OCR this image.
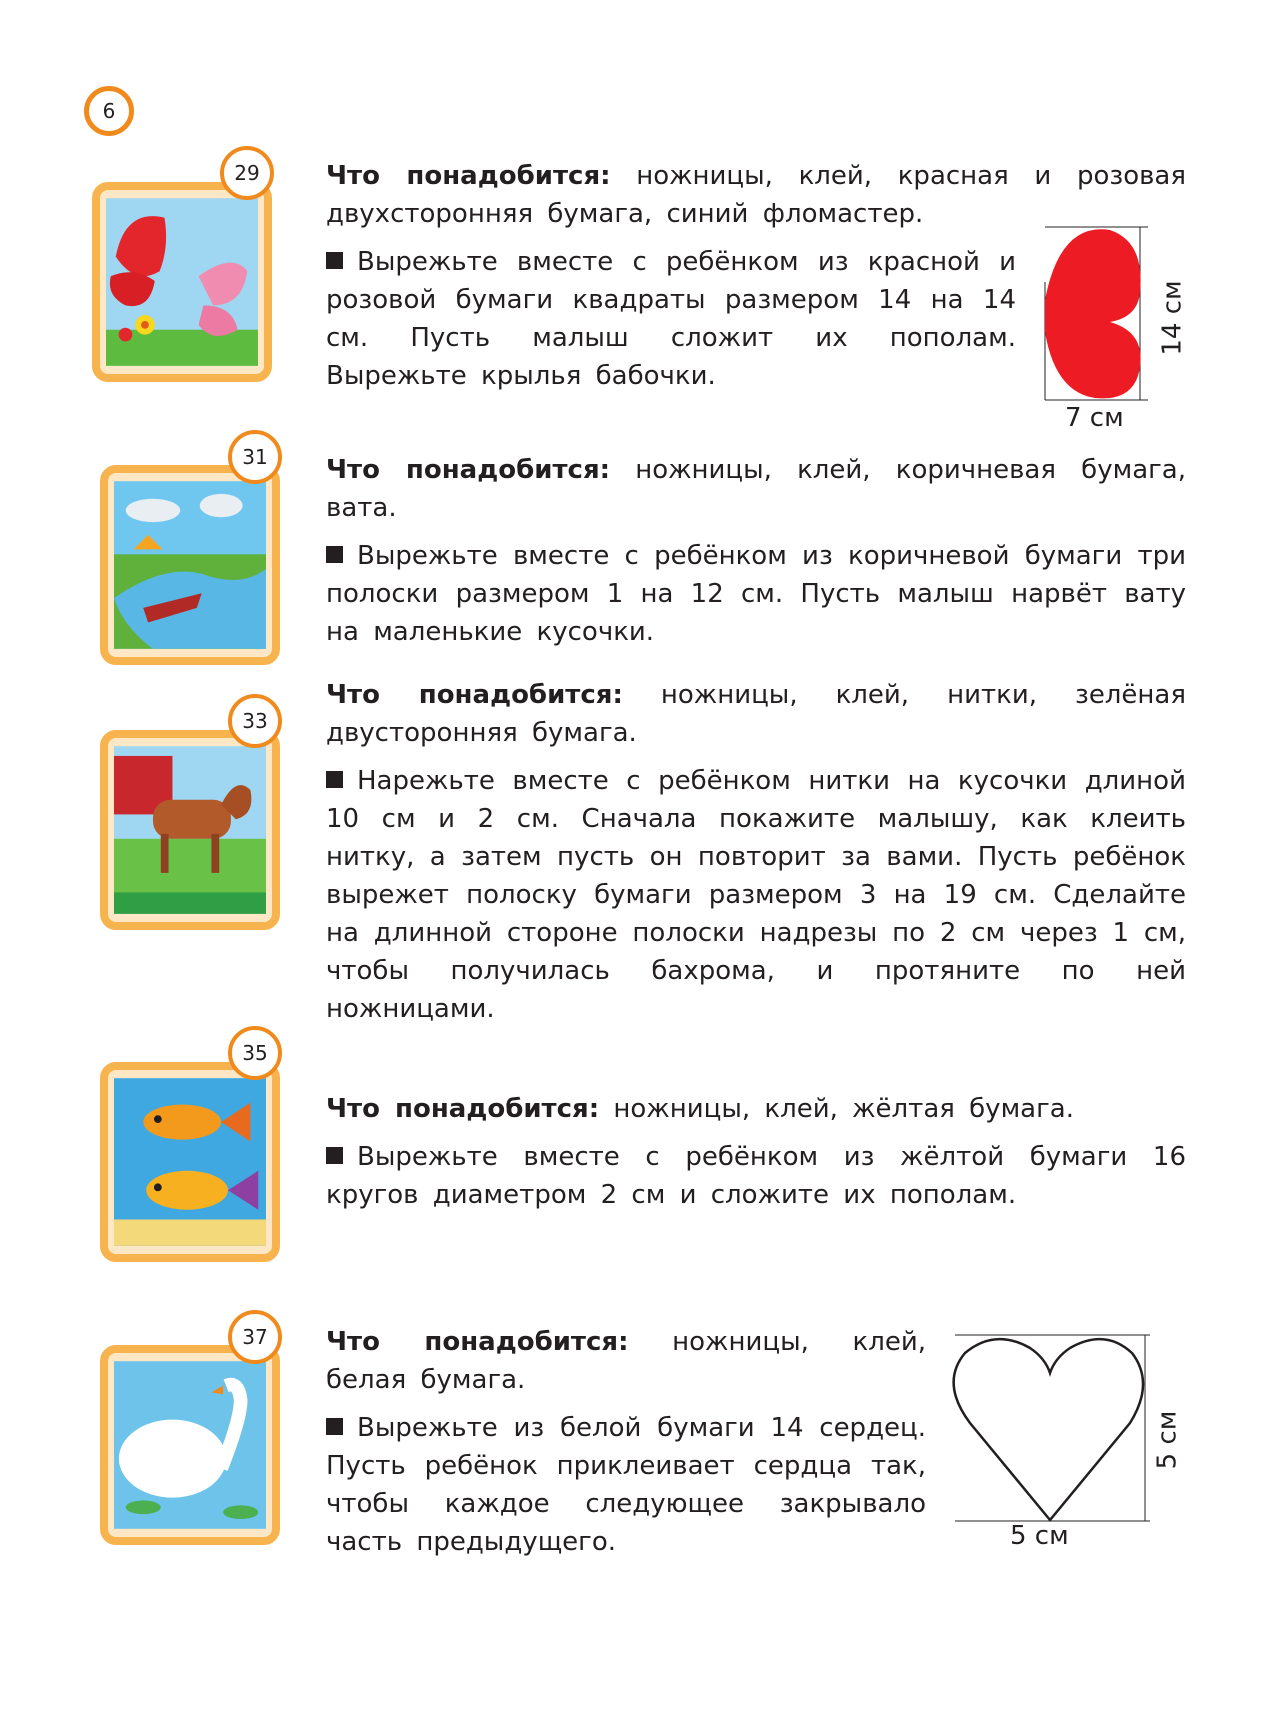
6
29	Что понадобится: ножницы, клей, красная и розовая двухсторонняя бумага, синий фломастер.

Вырежьте вместе с ребёнком из красной и розовой бумаги квадраты размером 14 на 14 см. Пусть малыш сложит их пополам. Вырежьте крылья бабочки.

7 см
14 см
31	Что понадобится: ножницы, клей, коричневая бумага, вата.

Вырежьте вместе с ребёнком из коричневой бумаги три полоски размером 1 на 12 см. Пусть малыш нарвёт вату на маленькие кусочки.

33

Что понадобится: ножницы, клей, нитки, зелёная двусторонняя бумага.

Нарежьте вместе с ребёнком нитки на кусочки длиной 10 см и 2 см. Сначала покажите малышу, как клеить нитку, а затем пусть он повторит за вами. Пусть ребёнок вырежет полоску бумаги размером 3 на 19 см. Сделайте на длинной стороне полоски надрезы по 2 см через 1 см, чтобы получилась бахрома, и протяните по ней ножницами.

35

Что понадобится: ножницы, клей, жёлтая бумага.

Вырежьте вместе с ребёнком из жёлтой бумаги 16 кругов диаметром 2 см и сложите их пополам.

37	Что понадобится: ножницы, клей, белая бумага.

Вырежьте из белой бумаги 14 сердец. Пусть ребёнок приклеивает сердца так, чтобы каждое следующее закрывало часть предыдущего.	5 см
5 см
